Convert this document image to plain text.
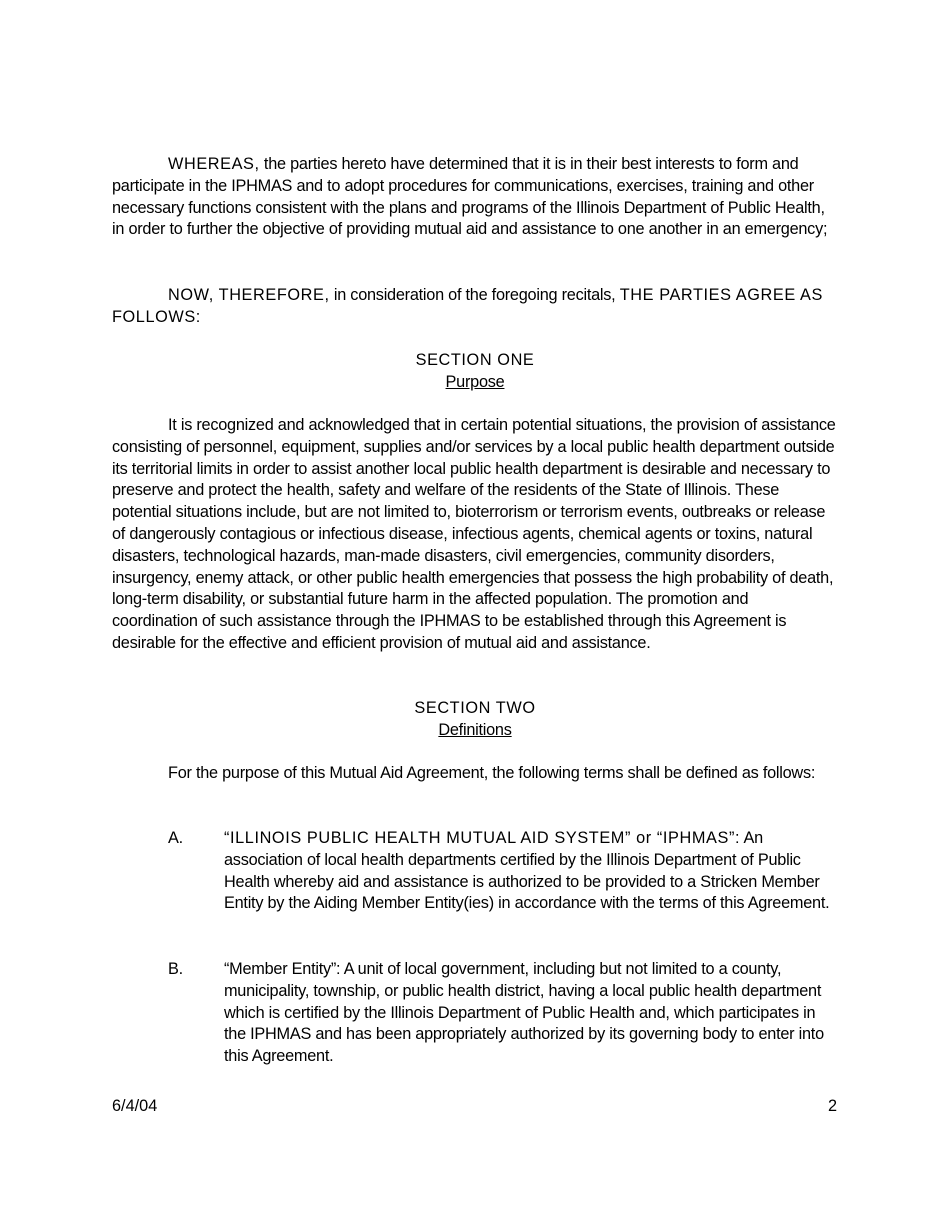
WHEREAS, the parties hereto have determined that it is in their best interests to form and participate in the IPHMAS and to adopt procedures for communications, exercises, training and other necessary functions consistent with the plans and programs of the Illinois Department of Public Health, in order to further the objective of providing mutual aid and assistance to one another in an emergency;

NOW, THEREFORE, in consideration of the foregoing recitals, THE PARTIES AGREE AS FOLLOWS:

SECTION ONE

Purpose

It is recognized and acknowledged that in certain potential situations, the provision of assistance consisting of personnel, equipment, supplies and/or services by a local public health department outside its territorial limits in order to assist another local public health department is desirable and necessary to preserve and protect the health, safety and welfare of the residents of the State of Illinois. These potential situations include, but are not limited to, bioterrorism or terrorism events, outbreaks or release of dangerously contagious or infectious disease, infectious agents, chemical agents or toxins, natural disasters, technological hazards, man-made disasters, civil emergencies, community disorders, insurgency, enemy attack, or other public health emergencies that possess the high probability of death, long-term disability, or substantial future harm in the affected population. The promotion and coordination of such assistance through the IPHMAS to be established through this Agreement is desirable for the effective and efficient provision of mutual aid and assistance.

SECTION TWO

Definitions

For the purpose of this Mutual Aid Agreement, the following terms shall be defined as follows:

A.	“ILLINOIS PUBLIC HEALTH MUTUAL AID SYSTEM” or “IPHMAS”: An association of local health departments certified by the Illinois Department of Public Health whereby aid and assistance is authorized to be provided to a Stricken Member Entity by the Aiding Member Entity(ies) in accordance with the terms of this Agreement.
B.	“Member Entity”: A unit of local government, including but not limited to a county, municipality, township, or public health district, having a local public health department which is certified by the Illinois Department of Public Health and, which participates in the IPHMAS and has been appropriately authorized by its governing body to enter into this Agreement.
6/4/04	2
